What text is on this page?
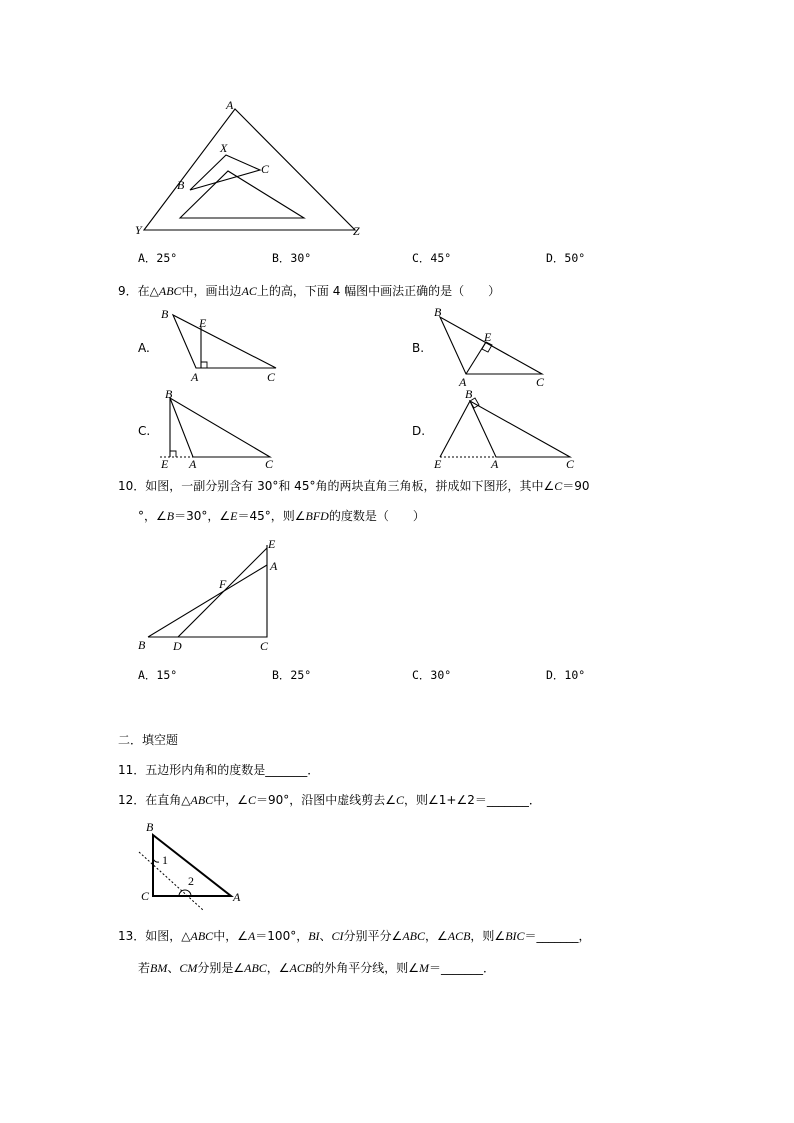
A
X
B
C
Y	Z
A．25°	B．30°	C．45°	D．50°
9．在△ABC中，画出边AC上的高，下面 4 幅图中画法正确的是（　　）
A.
B
E
A	C
B.
B
E
A	C
C.
B
E A	C
D.
B
E	A	C
10．如图，一副分别含有 30°和 45°角的两块直角三角板，拼成如下图形，其中∠C＝90
°，∠B＝30°，∠E＝45°，则∠BFD的度数是（　　）
E
A
F
B D	C
A．15°	B．25°	C．30°	D．10°
二．填空题
11．五边形内角和的度数是_______．
12．在直角△ABC中，∠C＝90°，沿图中虚线剪去∠C，则∠1+∠2＝_______．
B
C	A
1
2
13．如图，△ABC中，∠A＝100°，BI、CI分别平分∠ABC，∠ACB，则∠BIC＝_______，
若BM、CM分别是∠ABC，∠ACB的外角平分线，则∠M＝_______．
